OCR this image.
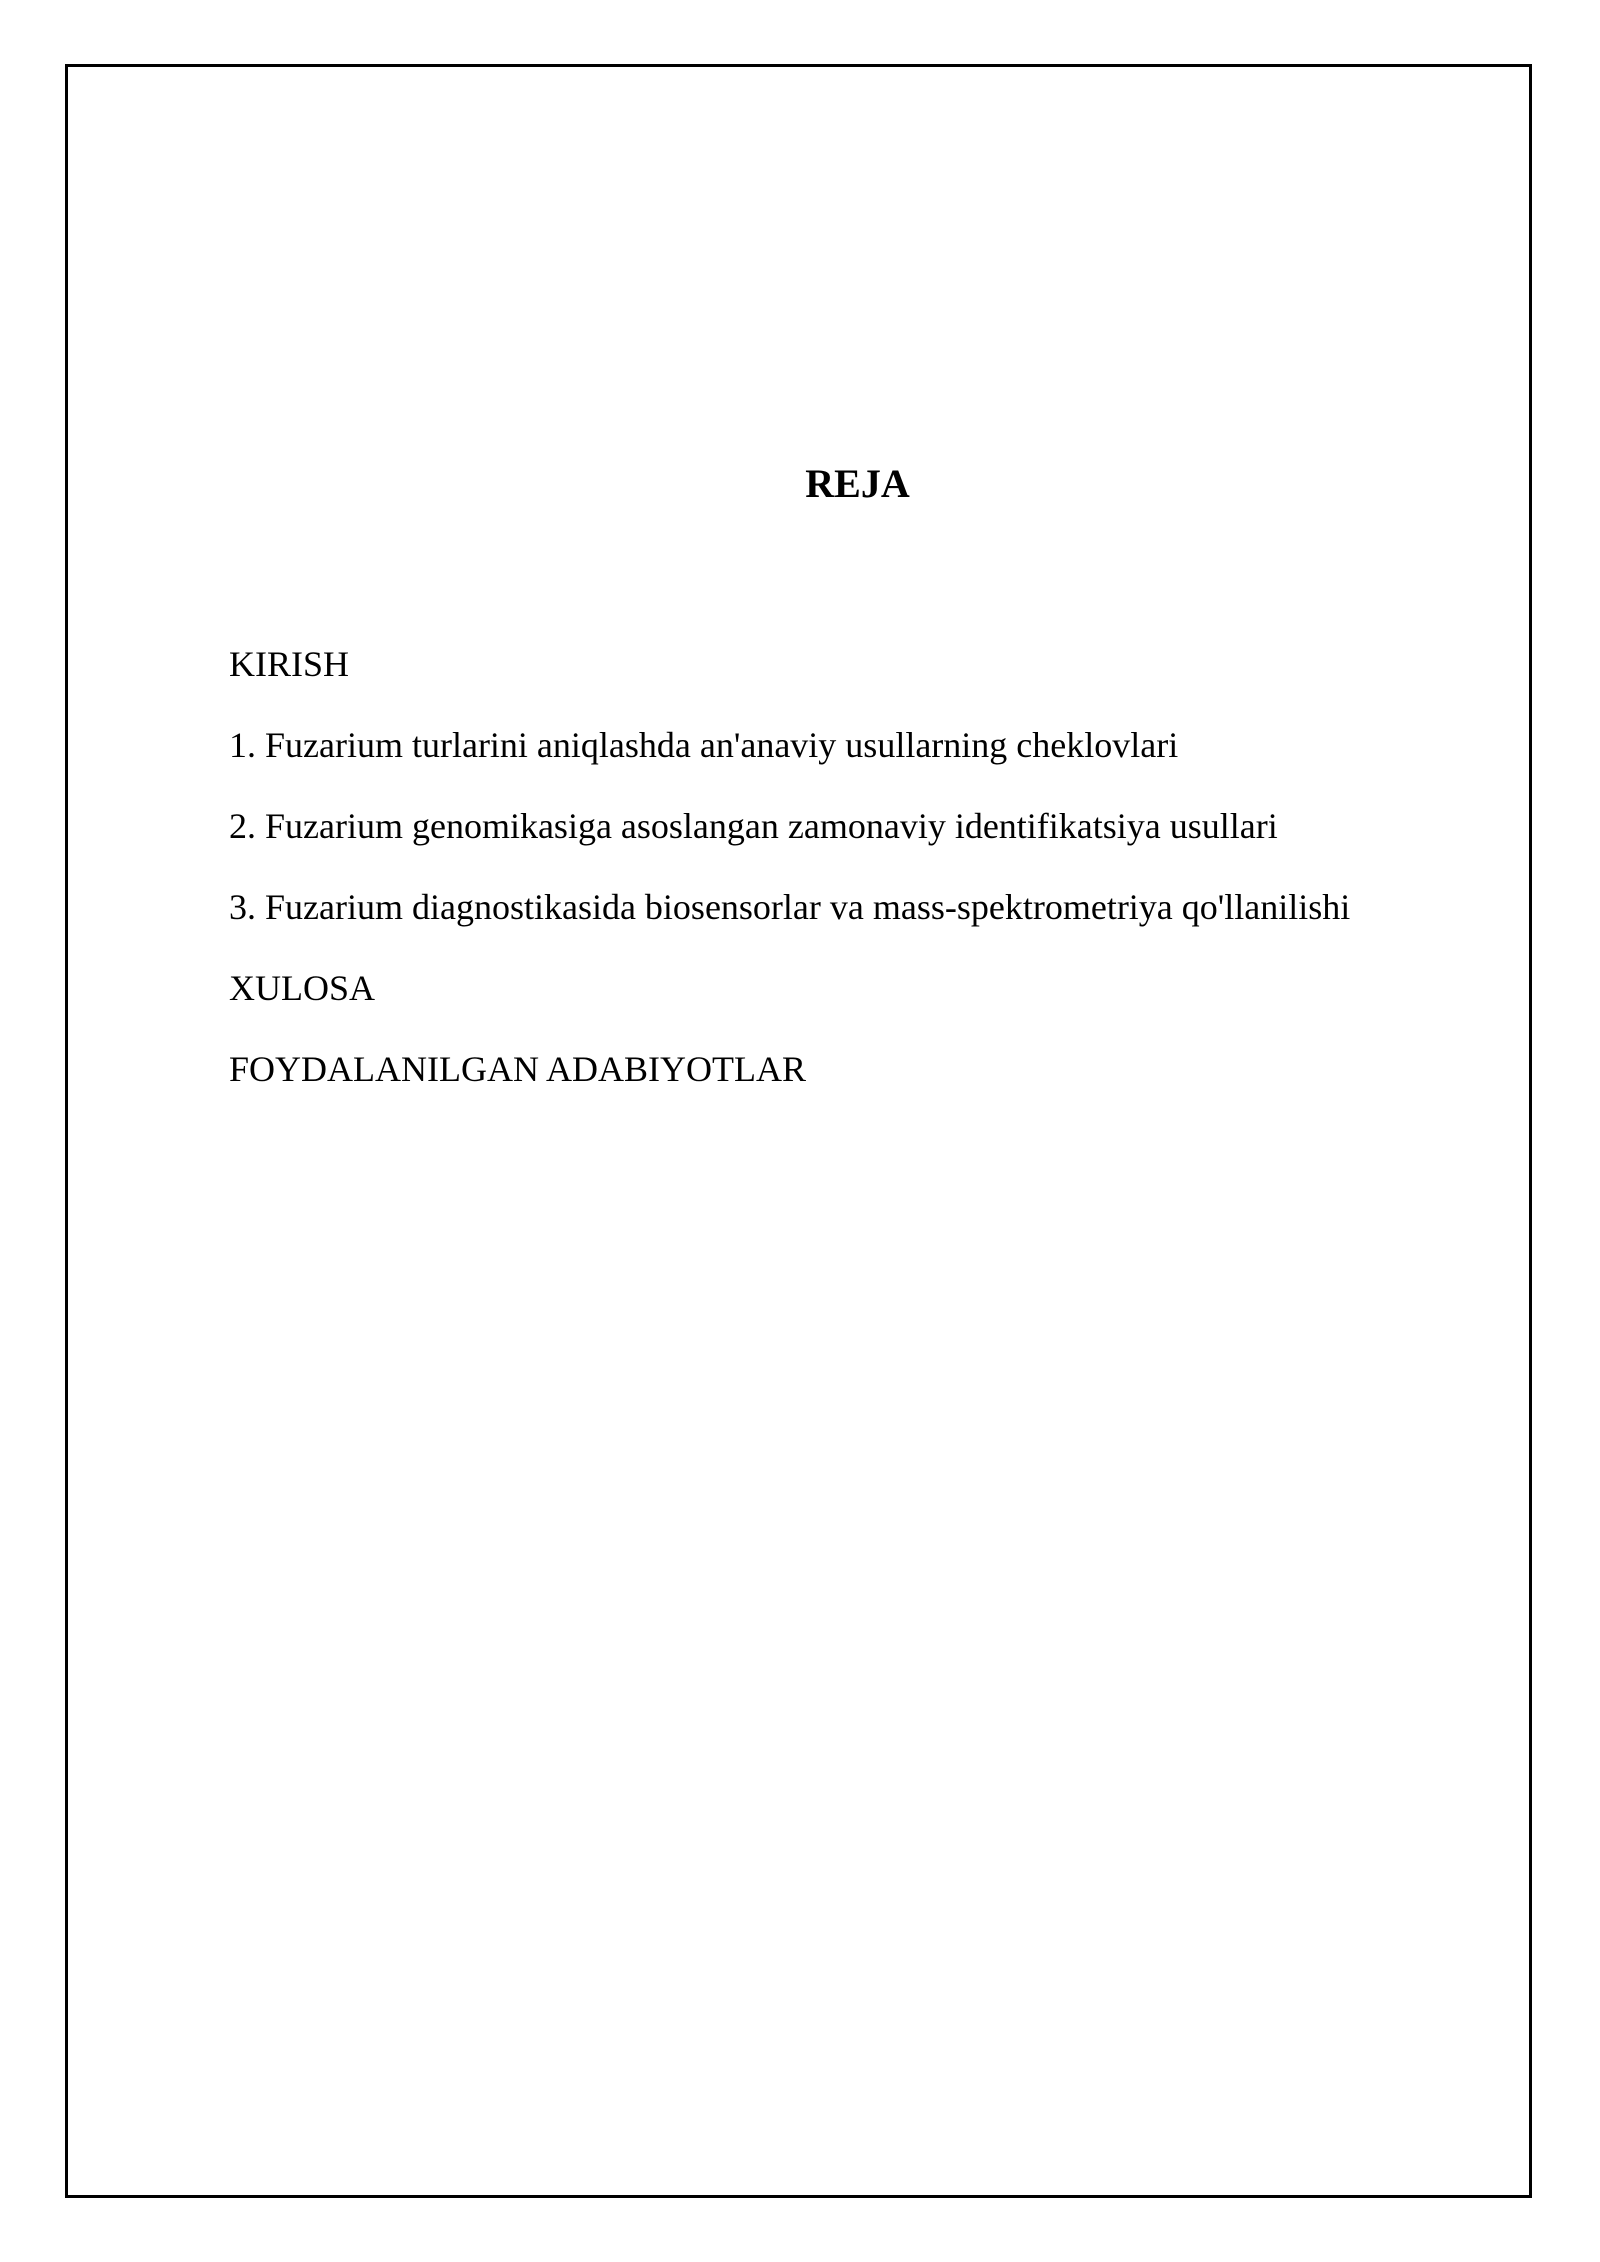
REJA
KIRISH
1. Fuzarium turlarini aniqlashda an'anaviy usullarning cheklovlari
2. Fuzarium genomikasiga asoslangan zamonaviy identifikatsiya usullari
3. Fuzarium diagnostikasida biosensorlar va mass-spektrometriya qo'llanilishi
XULOSA
FOYDALANILGAN ADABIYOTLAR
